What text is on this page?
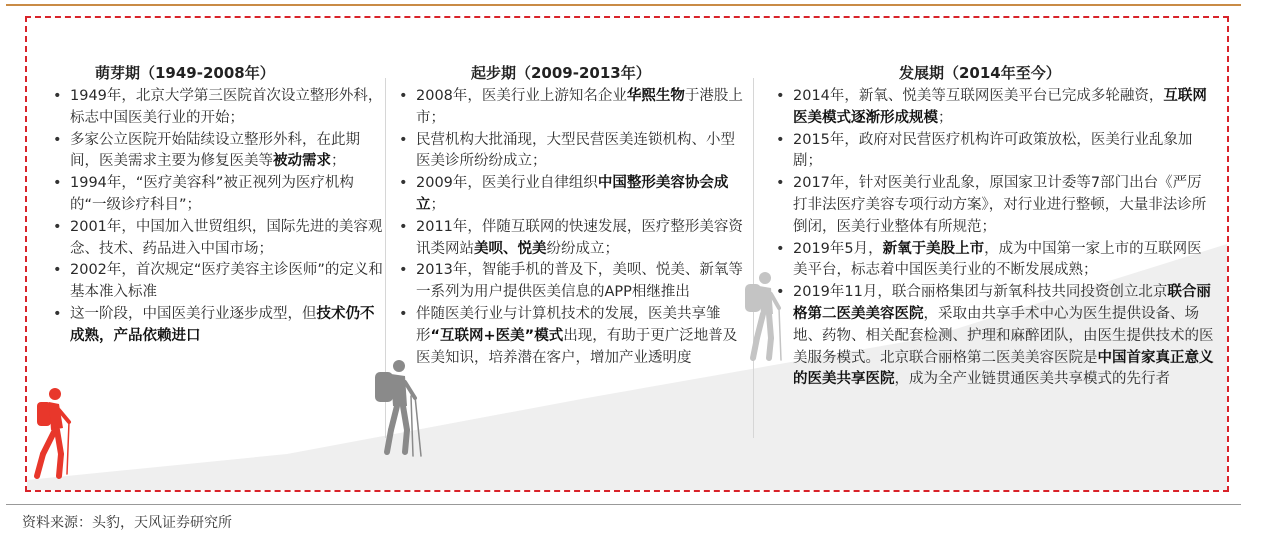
萌芽期（1949-2008年）	起步期（2009-2013年）	发展期（2014年至今）
• 1949年，北京大学第三医院首次设立整形外科，标志中国医美行业的开始；
• 多家公立医院开始陆续设立整形外科，在此期间，医美需求主要为修复医美等被动需求；
• 1994年，“医疗美容科”被正视列为医疗机构的“一级诊疗科目”；
• 2001年，中国加入世贸组织，国际先进的美容观念、技术、药品进入中国市场；
• 2002年，首次规定“医疗美容主诊医师”的定义和基本准入标准
• 这一阶段，中国医美行业逐步成型，但技术仍不成熟，产品依赖进口
• 2008年，医美行业上游知名企业华熙生物于港股上市；
• 民营机构大批涌现，大型民营医美连锁机构、小型医美诊所纷纷成立；
• 2009年，医美行业自律组织中国整形美容协会成立；
• 2011年，伴随互联网的快速发展，医疗整形美容资讯类网站美呗、悦美纷纷成立；
• 2013年，智能手机的普及下，美呗、悦美、新氧等一系列为用户提供医美信息的APP相继推出
• 伴随医美行业与计算机技术的发展，医美共享雏形“互联网+医美”模式出现，有助于更广泛地普及医美知识，培养潜在客户，增加产业透明度
• 2014年，新氧、悦美等互联网医美平台已完成多轮融资，互联网医美模式逐渐形成规模；
• 2015年，政府对民营医疗机构许可政策放松，医美行业乱象加剧；
• 2017年，针对医美行业乱象，原国家卫计委等7部门出台《严厉打非法医疗美容专项行动方案》，对行业进行整顿，大量非法诊所倒闭，医美行业整体有所规范；
• 2019年5月，新氧于美股上市，成为中国第一家上市的互联网医美平台，标志着中国医美行业的不断发展成熟；
• 2019年11月，联合丽格集团与新氧科技共同投资创立北京联合丽格第二医美美容医院，采取由共享手术中心为医生提供设备、场地、药物、相关配套检测、护理和麻醉团队，由医生提供技术的医美服务模式。北京联合丽格第二医美美容医院是中国首家真正意义的医美共享医院，成为全产业链贯通医美共享模式的先行者
资料来源：头豹，天风证券研究所
